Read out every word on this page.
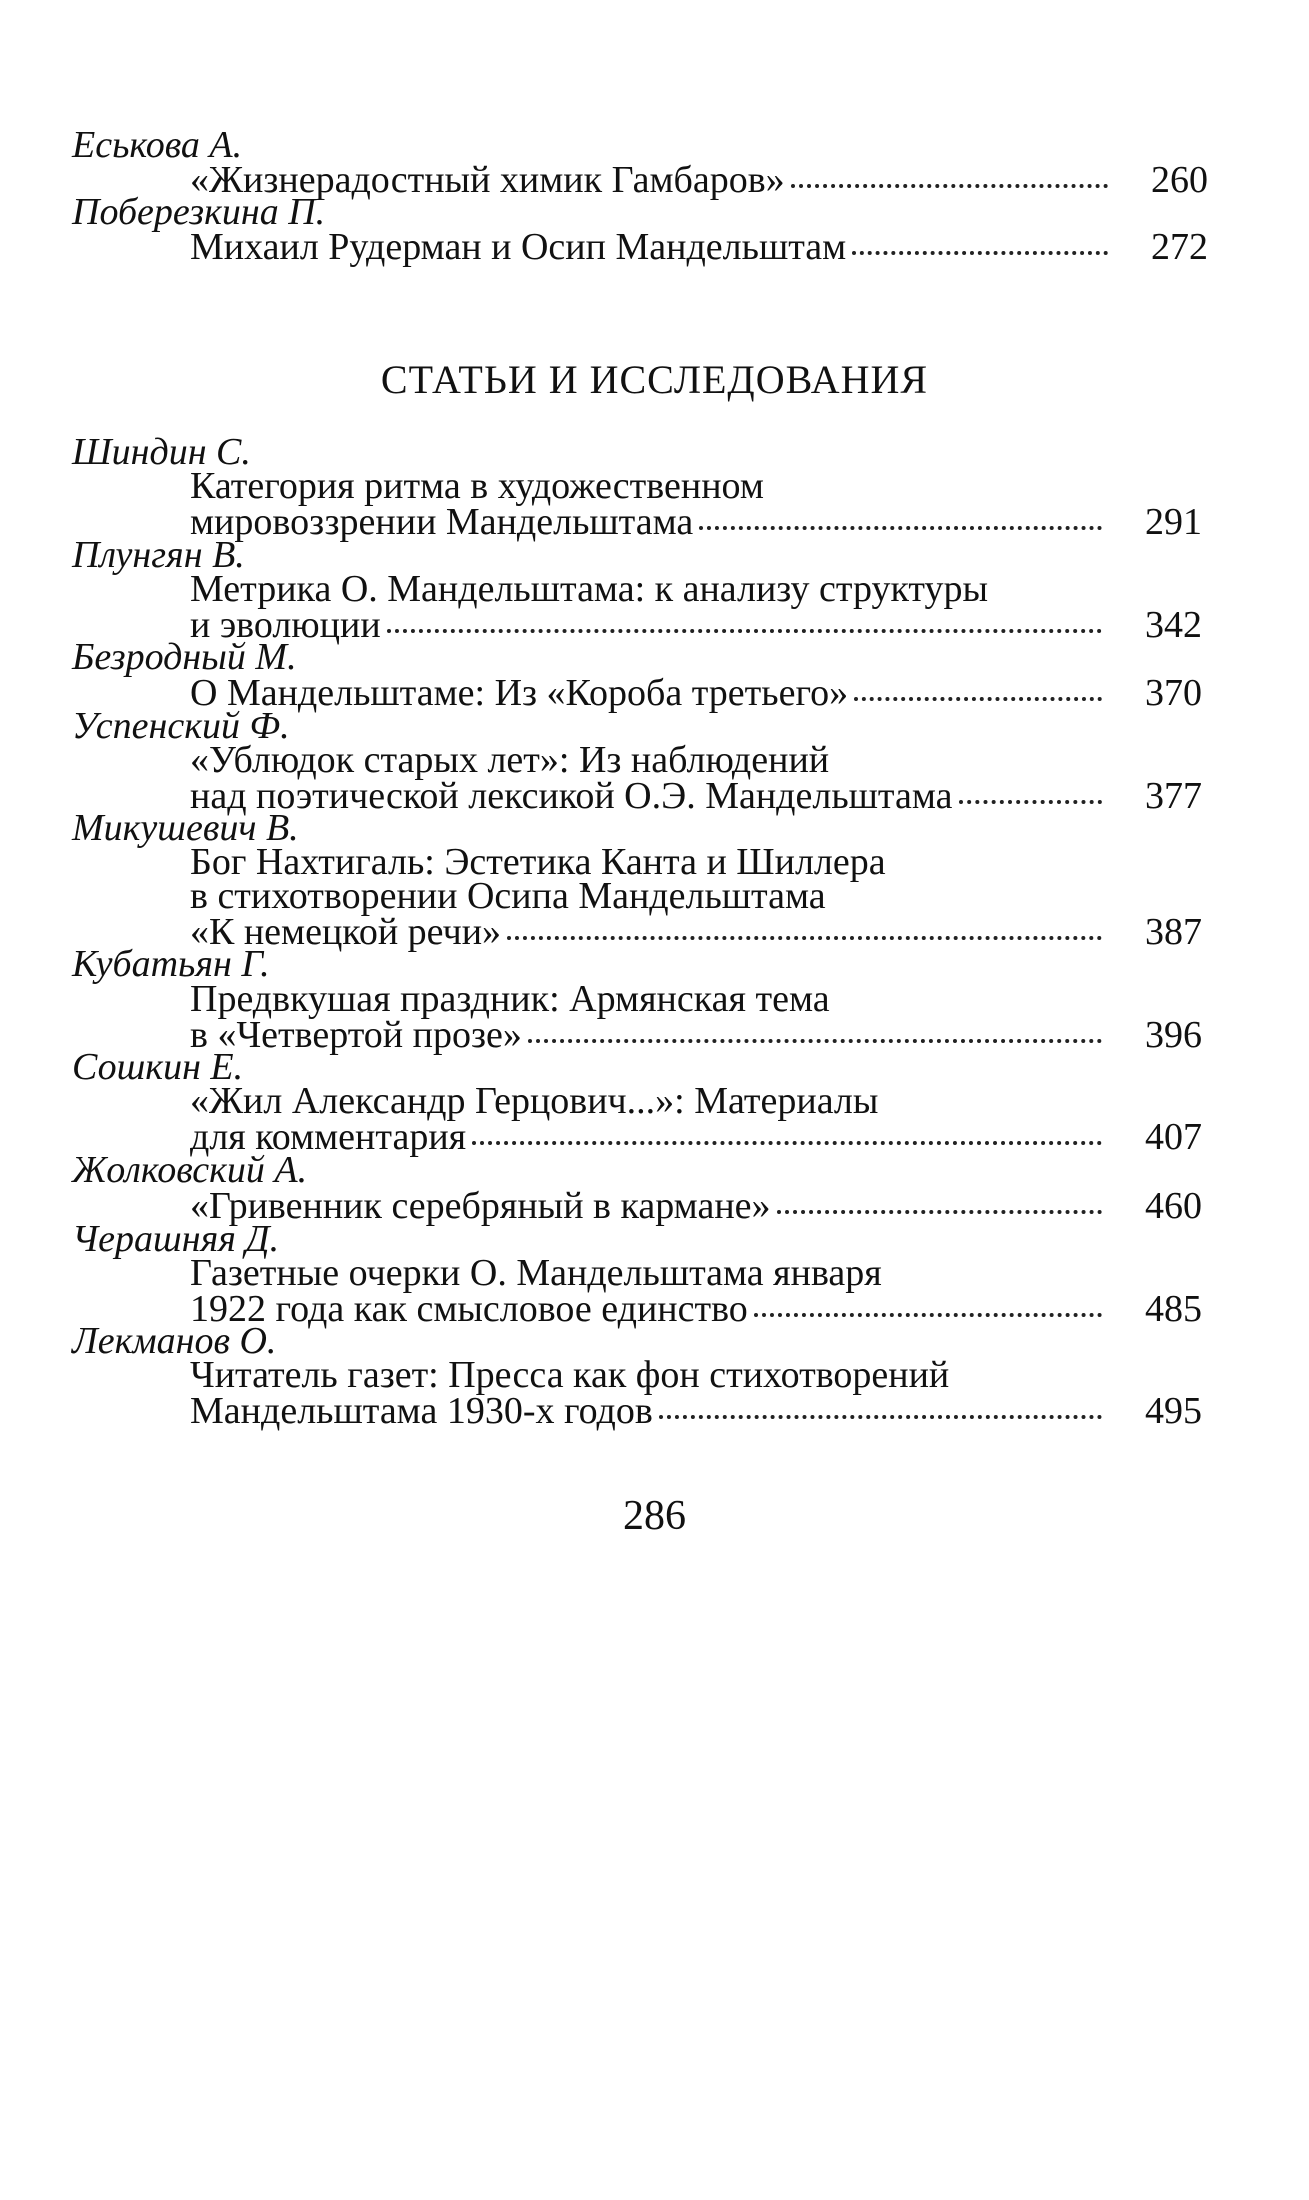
Еськова А.
«Жизнерадостный химик Гамбаров»	260
Поберезкина П.
Михаил Рудерман и Осип Мандельштам	272
СТАТЬИ И ИССЛЕДОВАНИЯ
Шиндин С.
Категория ритма в художественном
мировоззрении Мандельштама	291
Плунгян В.
Метрика О. Мандельштама: к анализу структуры
и эволюции	342
Безродный М.
О Мандельштаме: Из «Короба третьего»	370
Успенский Ф.
«Ублюдок старых лет»: Из наблюдений
над поэтической лексикой О.Э. Мандельштама	377
Микушевич В.
Бог Нахтигаль: Эстетика Канта и Шиллера
в стихотворении Осипа Мандельштама
«К немецкой речи»	387
Кубатьян Г.
Предвкушая праздник: Армянская тема
в «Четвертой прозе»	396
Сошкин Е.
«Жил Александр Герцович...»: Материалы
для комментария	407
Жолковский А.
«Гривенник серебряный в кармане»	460
Черашняя Д.
Газетные очерки О. Мандельштама января
1922 года как смысловое единство	485
Лекманов О.
Читатель газет: Пресса как фон стихотворений
Мандельштама 1930-х годов	495
286
